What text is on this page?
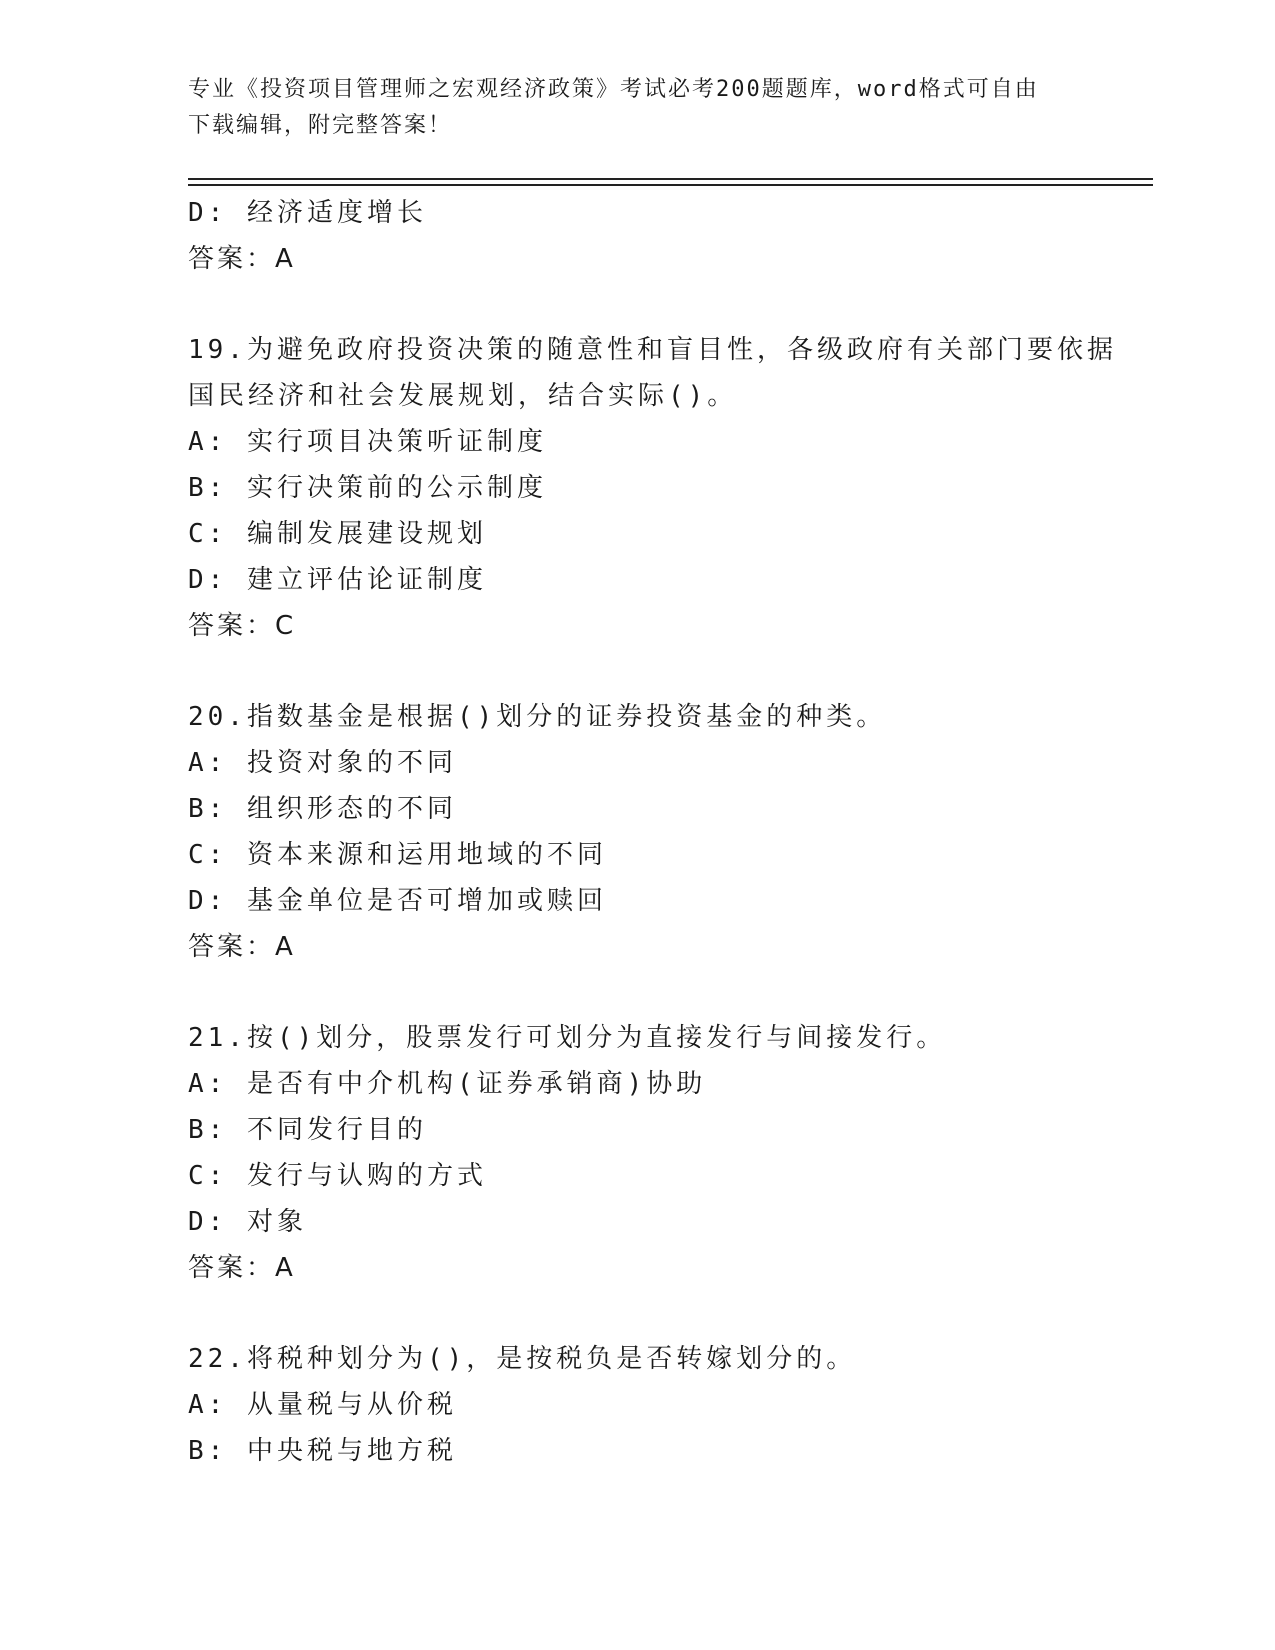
专业《投资项目管理师之宏观经济政策》考试必考200题题库，word格式可自由
下载编辑，附完整答案！
D: 经济适度增长
答案：A
19.为避免政府投资决策的随意性和盲目性，各级政府有关部门要依据
国民经济和社会发展规划，结合实际()。
A: 实行项目决策听证制度
B: 实行决策前的公示制度
C: 编制发展建设规划
D: 建立评估论证制度
答案：C
20.指数基金是根据()划分的证券投资基金的种类。
A: 投资对象的不同
B: 组织形态的不同
C: 资本来源和运用地域的不同
D: 基金单位是否可增加或赎回
答案：A
21.按()划分，股票发行可划分为直接发行与间接发行。
A: 是否有中介机构(证券承销商)协助
B: 不同发行目的
C: 发行与认购的方式
D: 对象
答案：A
22.将税种划分为()，是按税负是否转嫁划分的。
A: 从量税与从价税
B: 中央税与地方税
